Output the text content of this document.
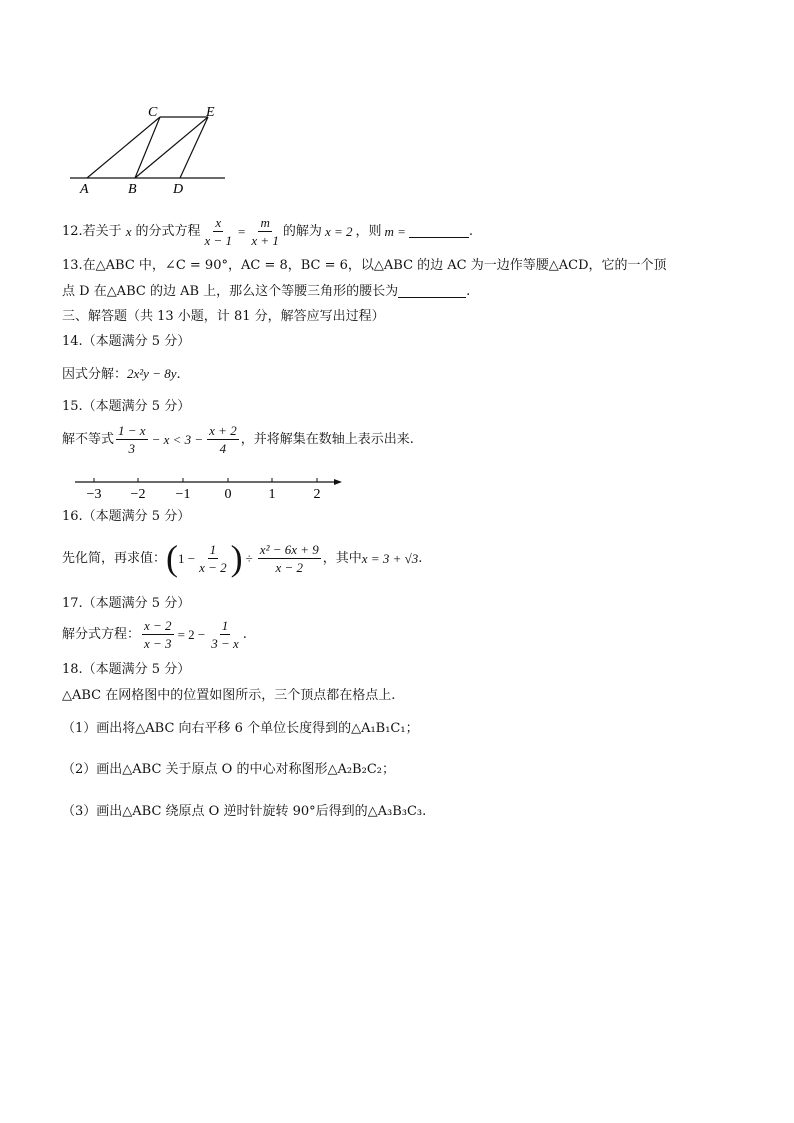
A	B	D
C	E
12.若关于 x 的分式方程 $\frac{x}{x - 1} = \frac{m}{x + 1}$ 的解为 x = 2 ，则 m =	.
13.在△ABC 中，∠C = 90°，AC = 8，BC = 6，以△ABC 的边 AC 为一边作等腰△ACD，它的一个顶
点 D 在△ABC 的边 AB 上，那么这个等腰三角形的腰长为	.
三、解答题（共 13 小题，计 81 分，解答应写出过程）
14.（本题满分 5 分）
因式分解：2x²y − 8y.
15.（本题满分 5 分）
解不等式 $\frac{1 - x}{3} - x < 3 - \frac{x + 2}{4}$ ，并将解集在数轴上表示出来.
−3 −2 −1 0	1	2
16.（本题满分 5 分）
先化简，再求值： ( $1 - \frac{1}{x - 2}$ ) ÷ $\frac{\text{x² − 6x + 9}}{x - 2}$ ，其中 x = 3 + √3 .
17.（本题满分 5 分）
解分式方程： $\frac{x - 2}{x - 3} = 2 - \frac{1}{3 - x}$ .
18.（本题满分 5 分）
△ABC 在网格图中的位置如图所示，三个顶点都在格点上.
（1）画出将△ABC 向右平移 6 个单位长度得到的△A₁B₁C₁；
（2）画出△ABC 关于原点 O 的中心对称图形△A₂B₂C₂；
（3）画出△ABC 绕原点 O 逆时针旋转 90°后得到的△A₃B₃C₃.
